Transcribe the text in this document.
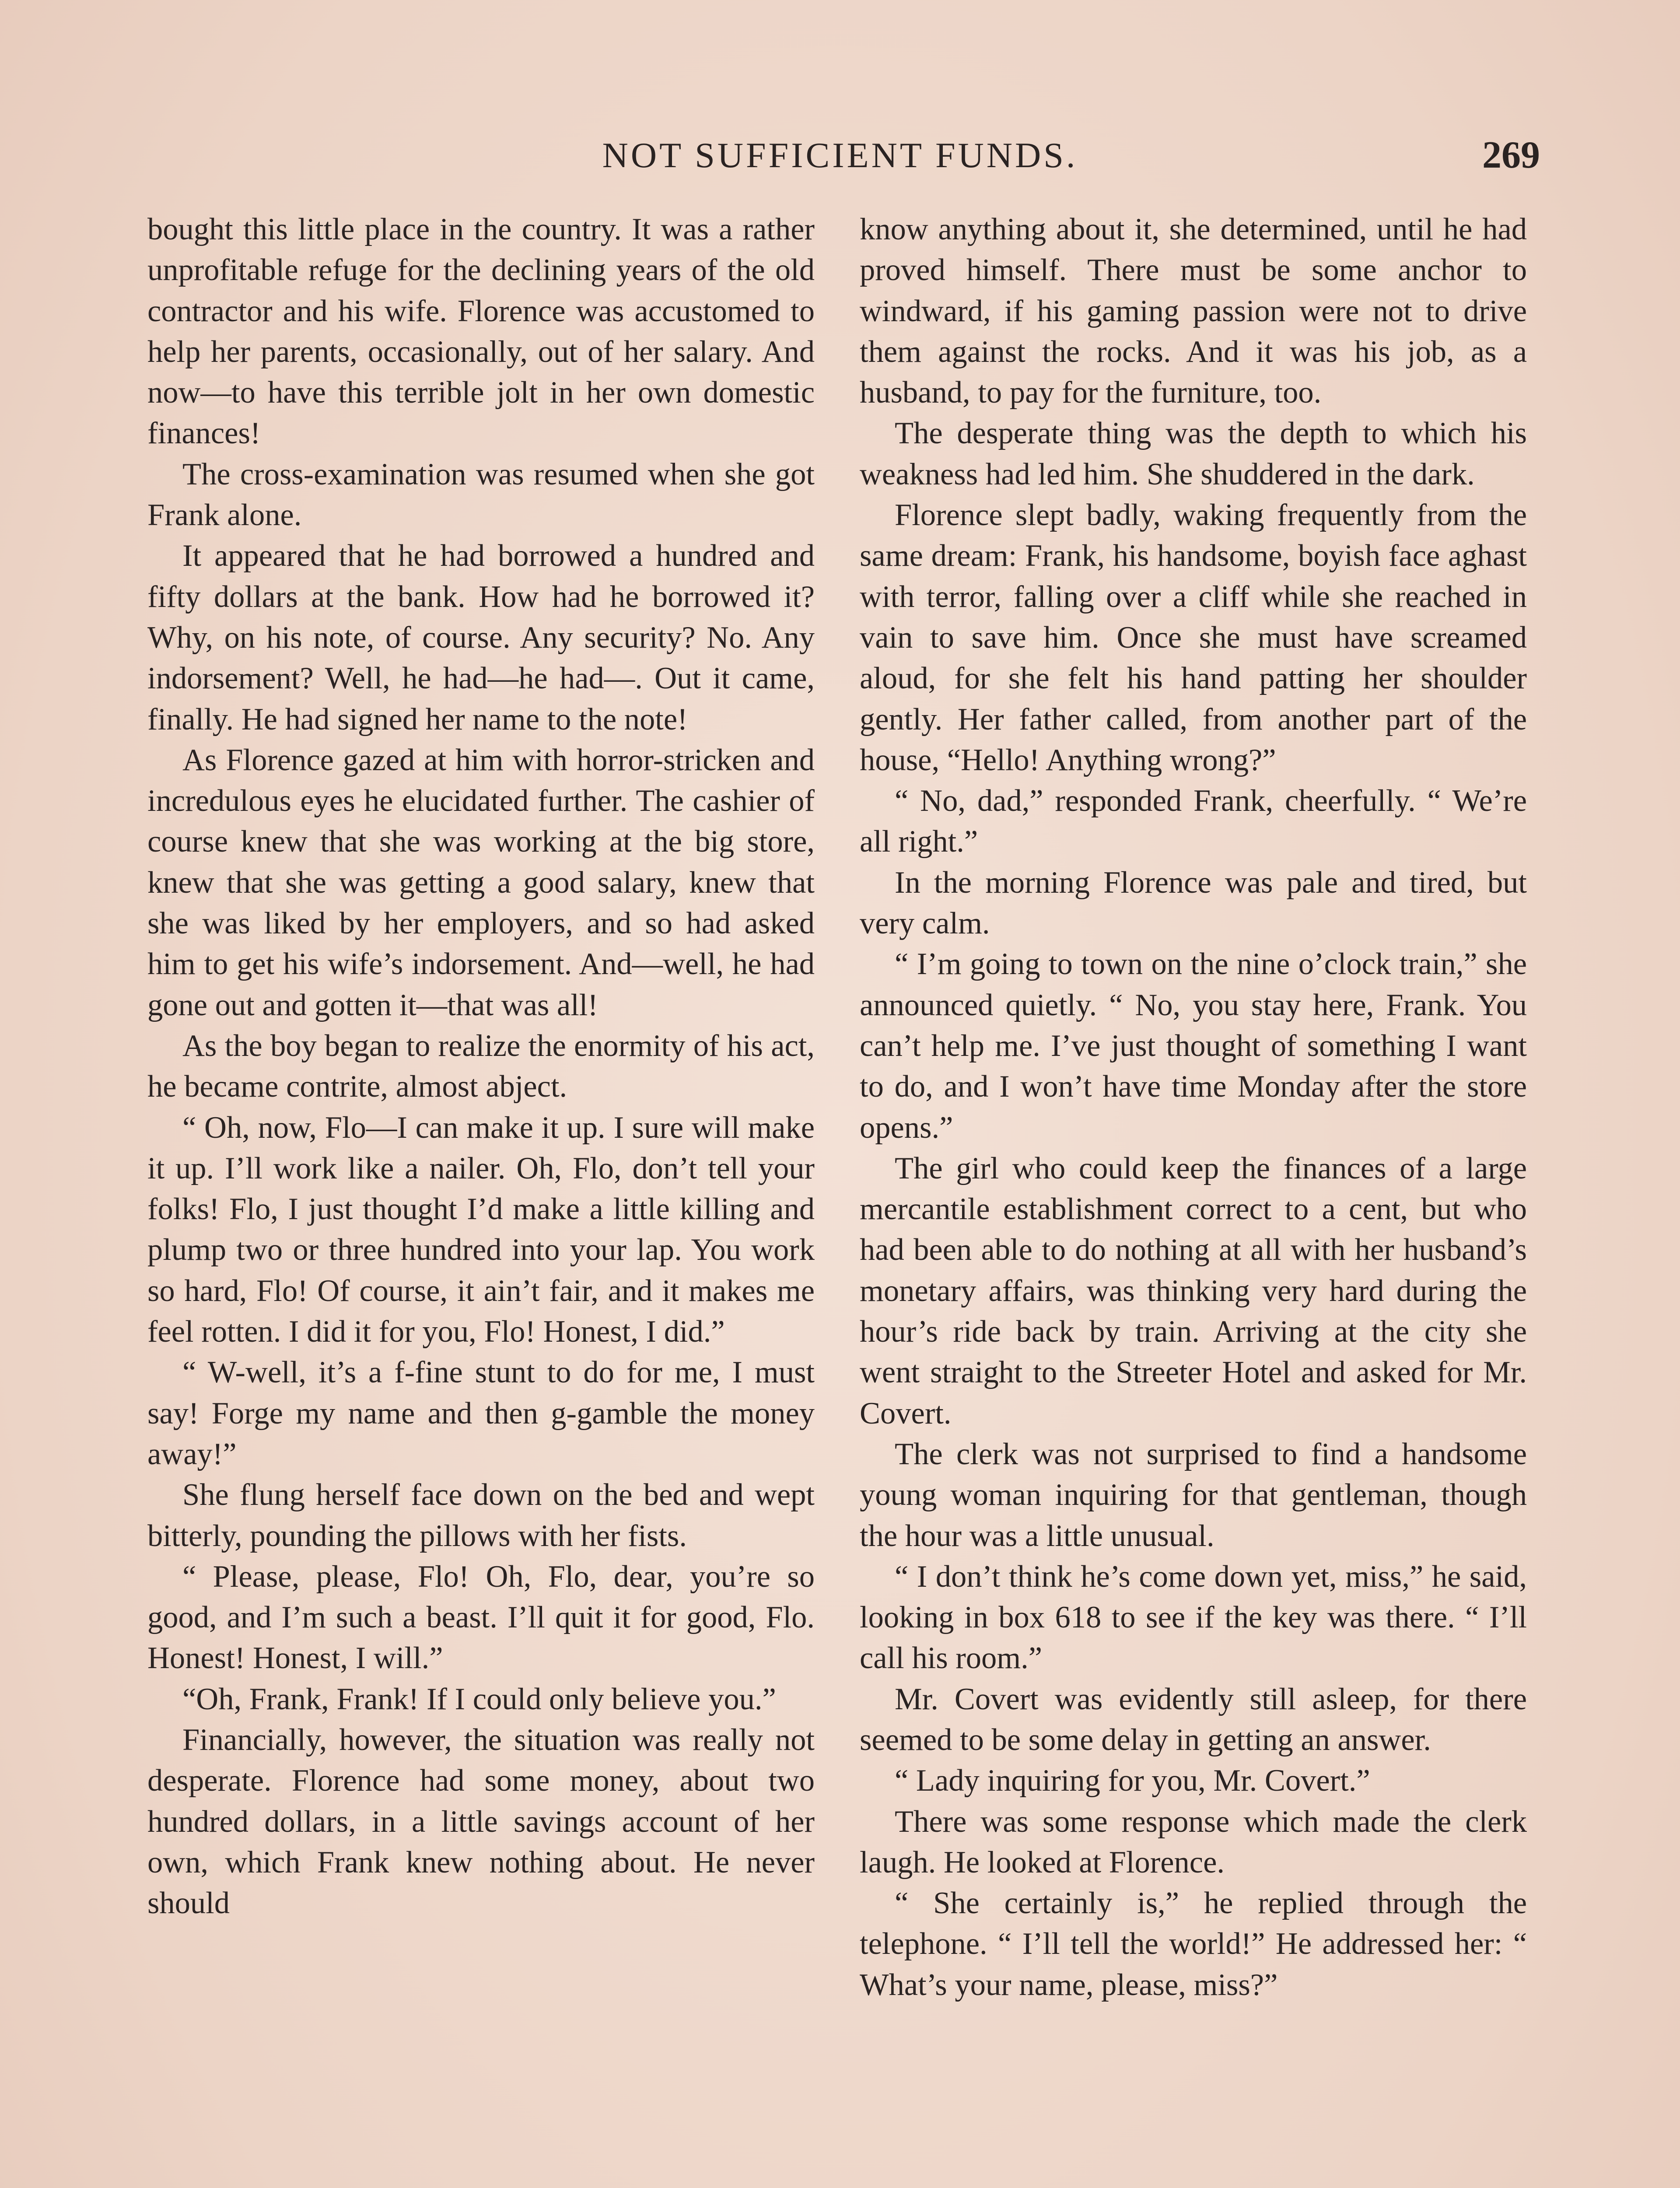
NOT SUFFICIENT FUNDS.	269

bought this little place in the country. It was a rather unprofitable refuge for the declining years of the old contractor and his wife. Florence was accustomed to help her parents, occasionally, out of her salary. And now—to have this terrible jolt in her own domestic finances!

The cross-examination was resumed when she got Frank alone.

It appeared that he had borrowed a hundred and fifty dollars at the bank. How had he borrowed it? Why, on his note, of course. Any security? No. Any indorsement? Well, he had—he had—. Out it came, finally. He had signed her name to the note!

As Florence gazed at him with horror-stricken and incredulous eyes he elucidated further. The cashier of course knew that she was working at the big store, knew that she was getting a good salary, knew that she was liked by her employers, and so had asked him to get his wife’s indorsement. And—well, he had gone out and gotten it—that was all!

As the boy began to realize the enormity of his act, he became contrite, almost abject.

“ Oh, now, Flo—I can make it up. I sure will make it up. I’ll work like a nailer. Oh, Flo, don’t tell your folks! Flo, I just thought I’d make a little killing and plump two or three hundred into your lap. You work so hard, Flo! Of course, it ain’t fair, and it makes me feel rotten. I did it for you, Flo! Honest, I did.”

“ W-well, it’s a f-fine stunt to do for me, I must say! Forge my name and then g-gamble the money away!”

She flung herself face down on the bed and wept bitterly, pounding the pillows with her fists.

“ Please, please, Flo! Oh, Flo, dear, you’re so good, and I’m such a beast. I’ll quit it for good, Flo. Honest! Honest, I will.”

“Oh, Frank, Frank! If I could only believe you.”

Financially, however, the situation was really not desperate. Florence had some money, about two hundred dollars, in a little savings account of her own, which Frank knew nothing about. He never should

know anything about it, she determined, until he had proved himself. There must be some anchor to windward, if his gaming passion were not to drive them against the rocks. And it was his job, as a husband, to pay for the furniture, too.

The desperate thing was the depth to which his weakness had led him. She shuddered in the dark.

Florence slept badly, waking frequently from the same dream: Frank, his handsome, boyish face aghast with terror, falling over a cliff while she reached in vain to save him. Once she must have screamed aloud, for she felt his hand patting her shoulder gently. Her father called, from another part of the house, “Hello! Anything wrong?”

“ No, dad,” responded Frank, cheerfully. “ We’re all right.”

In the morning Florence was pale and tired, but very calm.

“ I’m going to town on the nine o’clock train,” she announced quietly. “ No, you stay here, Frank. You can’t help me. I’ve just thought of something I want to do, and I won’t have time Monday after the store opens.”

The girl who could keep the finances of a large mercantile establishment correct to a cent, but who had been able to do nothing at all with her husband’s monetary affairs, was thinking very hard during the hour’s ride back by train. Arriving at the city she went straight to the Streeter Hotel and asked for Mr. Covert.

The clerk was not surprised to find a handsome young woman inquiring for that gentleman, though the hour was a little unusual.

“ I don’t think he’s come down yet, miss,” he said, looking in box 618 to see if the key was there. “ I’ll call his room.”

Mr. Covert was evidently still asleep, for there seemed to be some delay in getting an answer.

“ Lady inquiring for you, Mr. Covert.”

There was some response which made the clerk laugh. He looked at Florence.

“ She certainly is,” he replied through the telephone. “ I’ll tell the world!” He addressed her: “ What’s your name, please, miss?”
